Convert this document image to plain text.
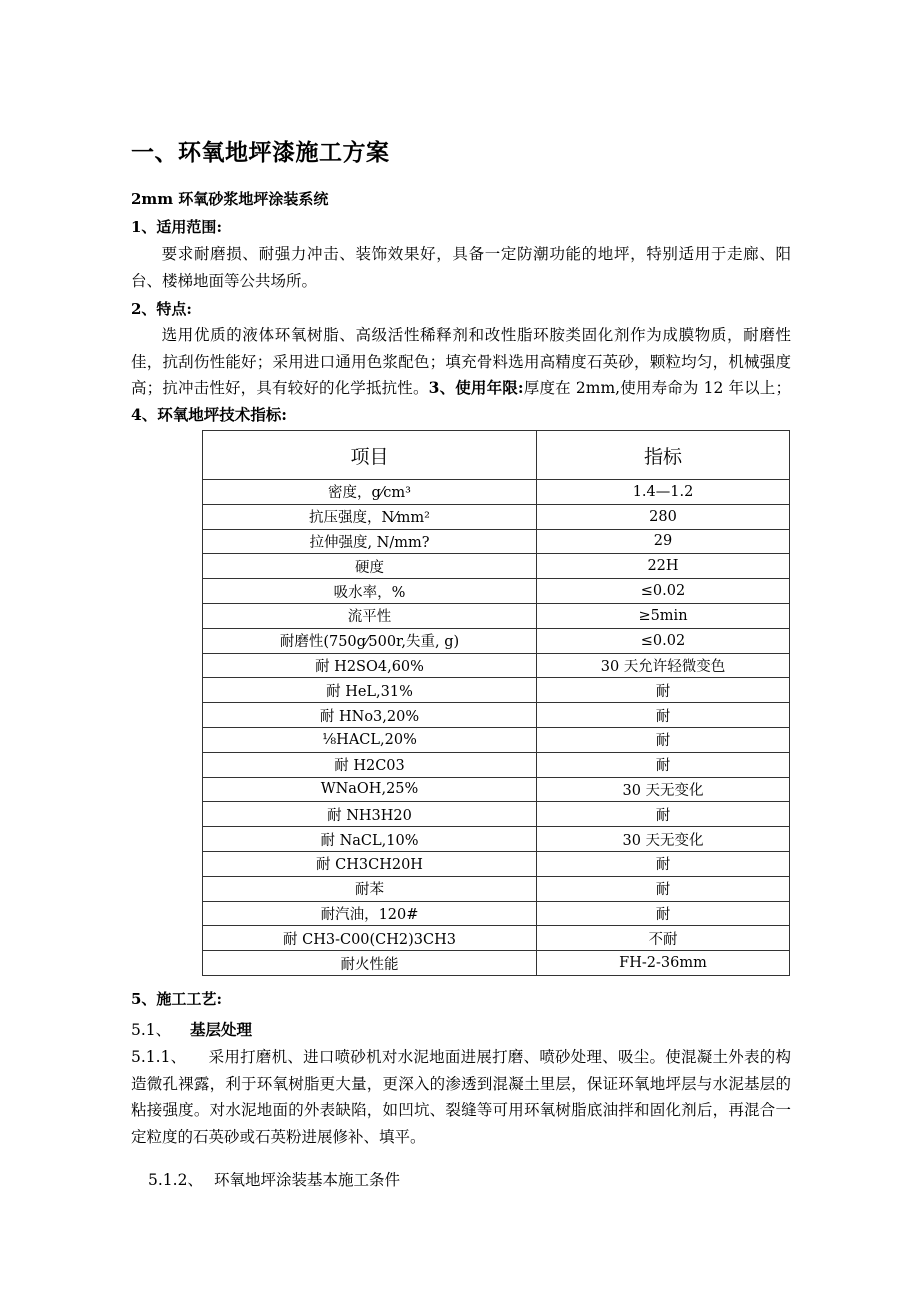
一、环氧地坪漆施工方案
2mm 环氧砂浆地坪涂装系统
1、适用范围:
要求耐磨损、耐强力冲击、装饰效果好，具备一定防潮功能的地坪，特别适用于走廊、阳台、楼梯地面等公共场所。
2、特点:
选用优质的液体环氧树脂、高级活性稀释剂和改性脂环胺类固化剂作为成膜物质，耐磨性佳，抗刮伤性能好；采用进口通用色浆配色；填充骨料选用高精度石英砂，颗粒均匀，机械强度高；抗冲击性好，具有较好的化学抵抗性。3、使用年限:厚度在 2mm,使用寿命为 12 年以上；4、环氧地坪技术指标:
项目	指标
密度，g⁄cm³	1.4—1.2
抗压强度，N⁄mm²	280
拉伸强度, N/mm?	29
硬度	22H
吸水率，%	≤0.02
流平性	≥5min
耐磨性(750g⁄500r,失重, g)	≤0.02
耐 H2SO4,60%	30 天允许轻微变色
耐 HeL,31%	耐
耐 HNo3,20%	耐
⅛HACL,20%	耐
耐 H2C03	耐
WNaOH,25%	30 天无变化
耐 NH3H20	耐
耐 NaCL,10%	30 天无变化
耐 CH3CH20H	耐
耐苯	耐
耐汽油，120#	耐
耐 CH3-C00(CH2)3CH3	不耐
耐火性能	FH-2-36mm
5、施工工艺:
5.1、 基层处理
5.1.1、 采用打磨机、进口喷砂机对水泥地面进展打磨、喷砂处理、吸尘。使混凝土外表的构造微孔裸露，利于环氧树脂更大量，更深入的渗透到混凝土里层，保证环氧地坪层与水泥基层的粘接强度。对水泥地面的外表缺陷，如凹坑、裂缝等可用环氧树脂底油拌和固化剂后，再混合一定粒度的石英砂或石英粉进展修补、填平。
5.1.2、 环氧地坪涂装基本施工条件
